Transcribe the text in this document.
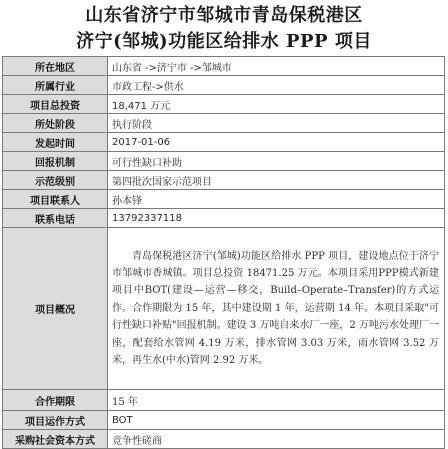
山东省济宁市邹城市青岛保税港区
济宁(邹城)功能区给排水 PPP 项目
所在地区	山东省 ->济宁市 ->邹城市
所属行业	市政工程->供水
项目总投资	18,471 万元
所处阶段	执行阶段
发起时间	2017-01-06
回报机制	可行性缺口补助
示范级别	第四批次国家示范项目
项目联系人	孙本锋
联系电话	13792337118
项目概况	青岛保税港区济宁(邹城)功能区给排水 PPP 项目，建设地点位于济宁市邹城市香城镇。项目总投资 18471.25 万元。本项目采用PPP模式新建项目中BOT(建设—运营—移交，Build–Operate–Transfer)的方式运作。合作期限为 15 年，其中建设期 1 年，运营期 14 年。本项目采取"可行性缺口补贴"回报机制。建设 3 万吨自来水厂一座，2 万吨污水处理厂一座，配套给水管网 4.19 万米，排水管网 3.03 万米，雨水管网 3.52 万米，再生水(中水)管网 2.92 万米。
合作期限	15 年
项目运作方式	BOT
采购社会资本方式	竞争性磋商
